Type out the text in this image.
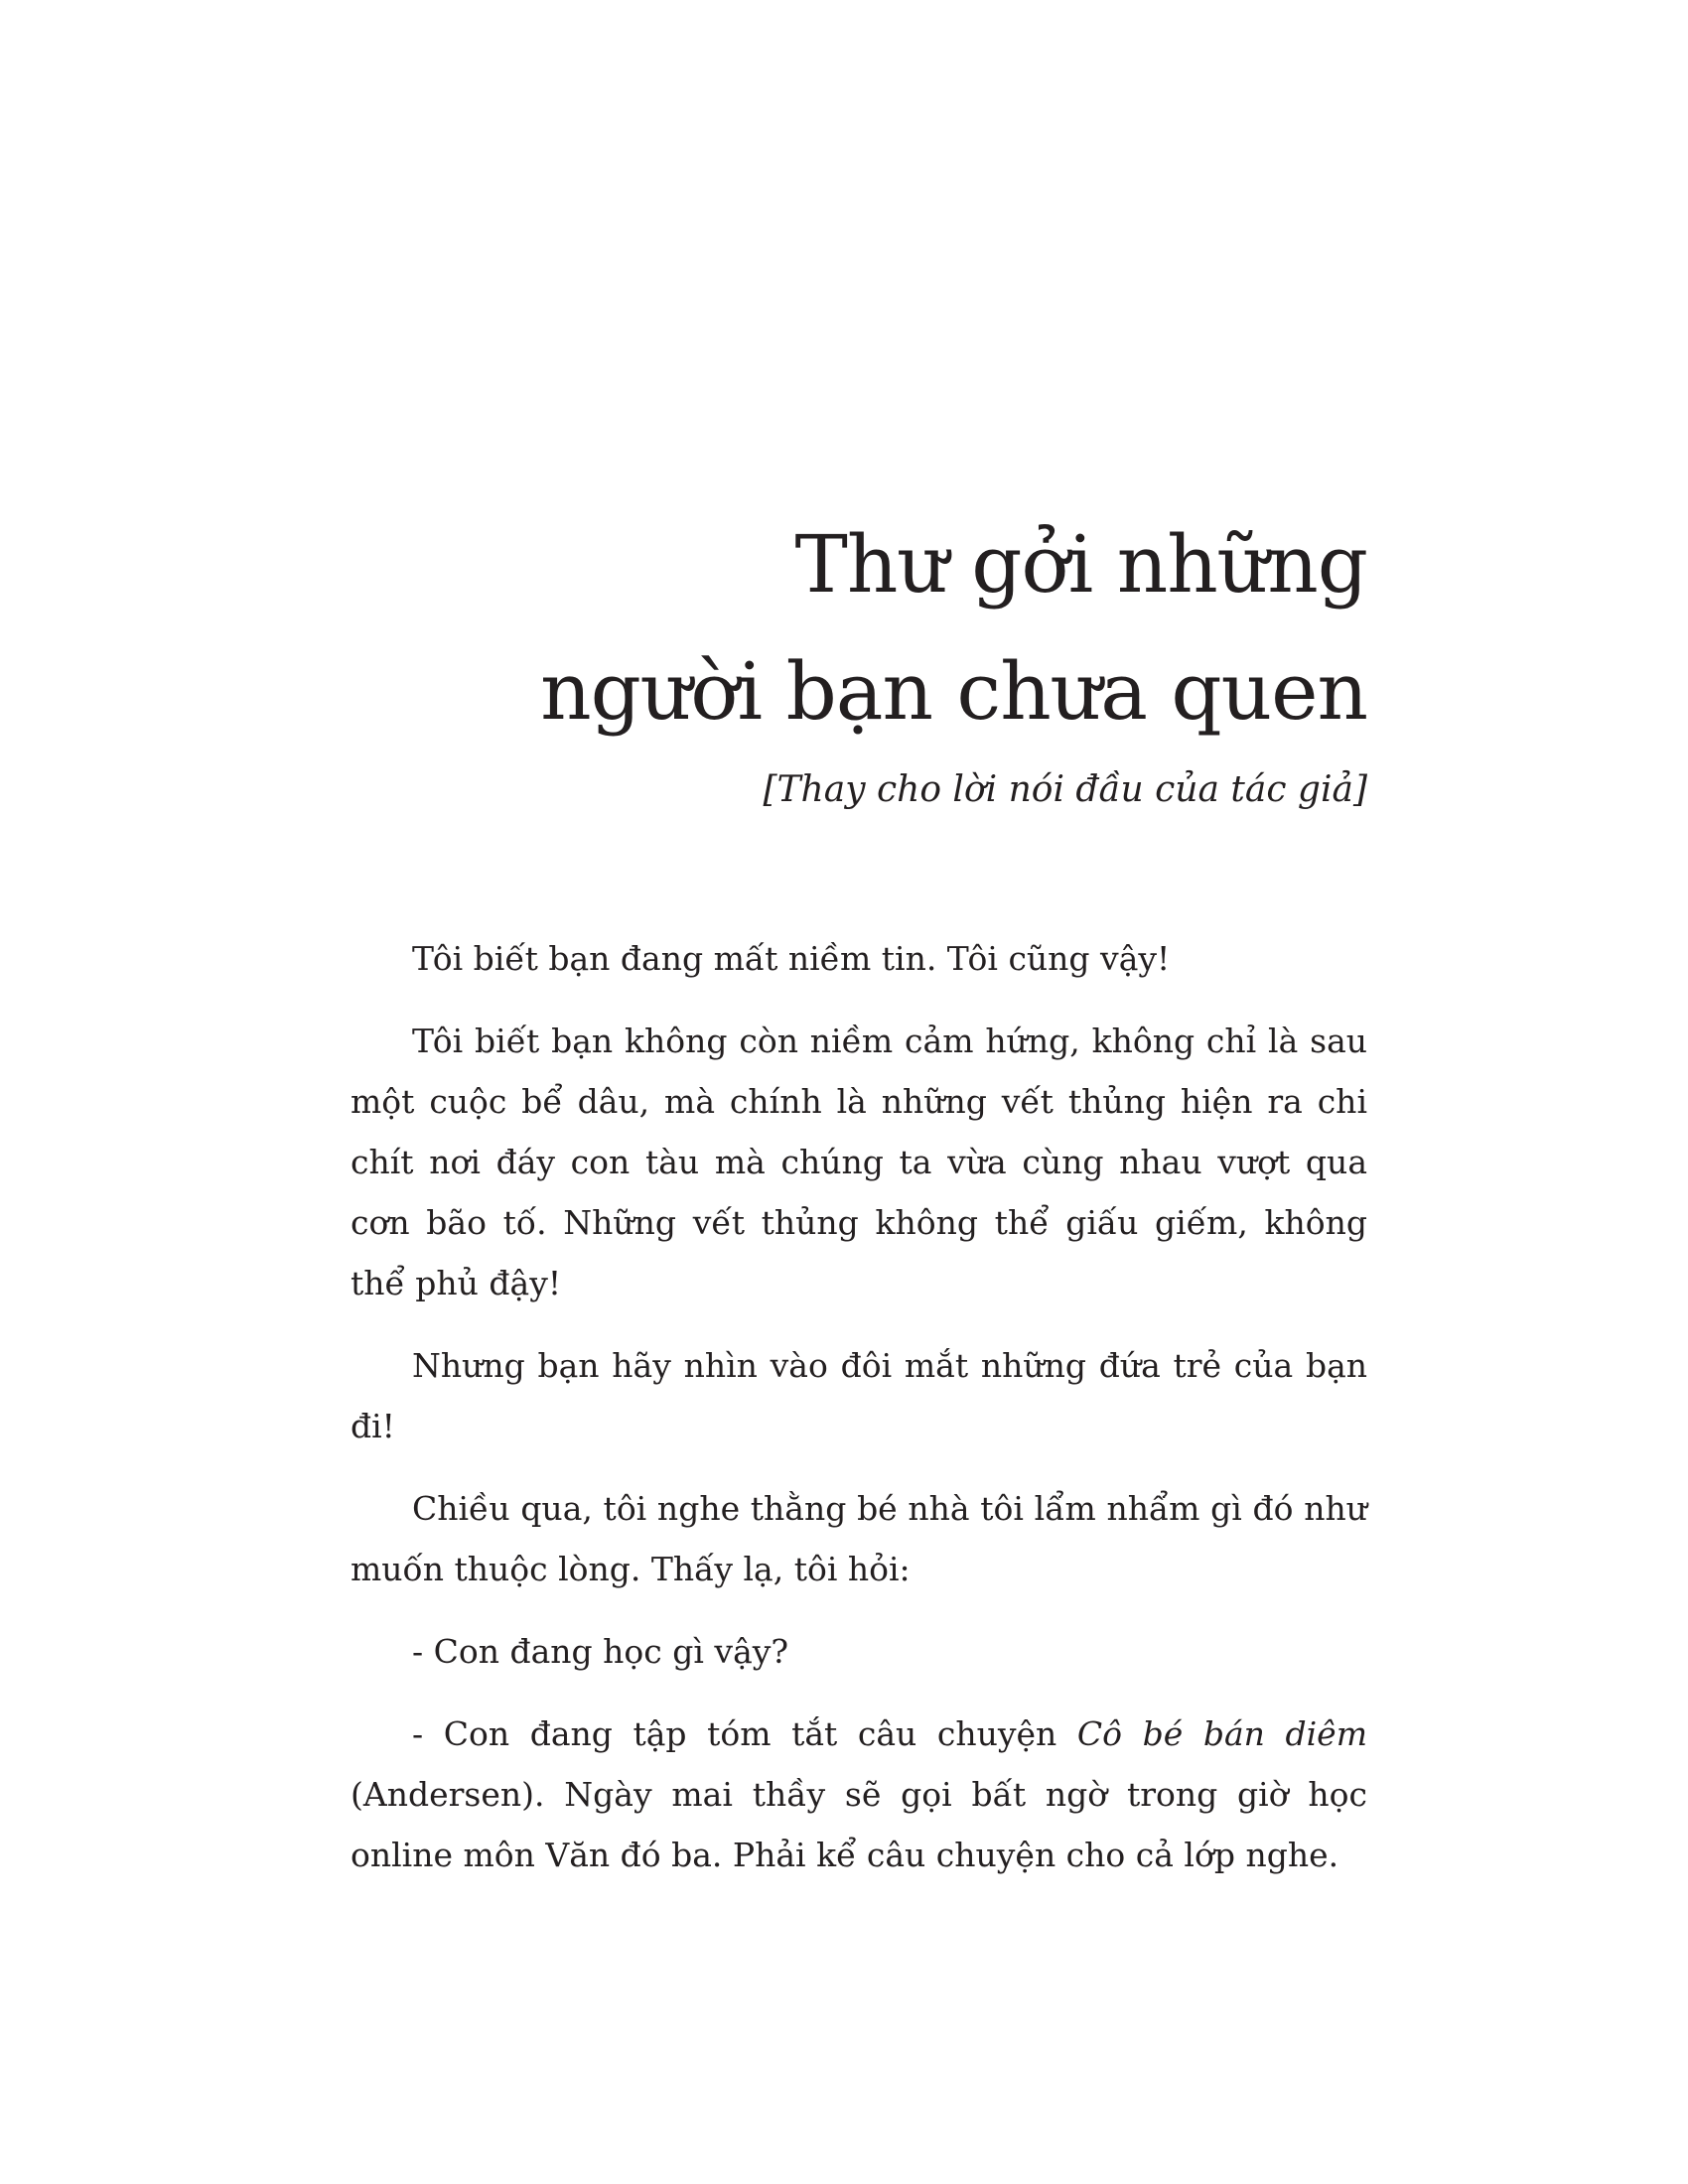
Thư gởi những
người bạn chưa quen
[Thay cho lời nói đầu của tác giả]

Tôi biết bạn đang mất niềm tin. Tôi cũng vậy!

Tôi biết bạn không còn niềm cảm hứng, không chỉ là sau một cuộc bể dâu, mà chính là những vết thủng hiện ra chi chít nơi đáy con tàu mà chúng ta vừa cùng nhau vượt qua cơn bão tố. Những vết thủng không thể giấu giếm, không thể phủ đậy!

Nhưng bạn hãy nhìn vào đôi mắt những đứa trẻ của bạn đi!

Chiều qua, tôi nghe thằng bé nhà tôi lẩm nhẩm gì đó như muốn thuộc lòng. Thấy lạ, tôi hỏi:

- Con đang học gì vậy?

- Con đang tập tóm tắt câu chuyện Cô bé bán diêm (Andersen). Ngày mai thầy sẽ gọi bất ngờ trong giờ học online môn Văn đó ba. Phải kể câu chuyện cho cả lớp nghe.
